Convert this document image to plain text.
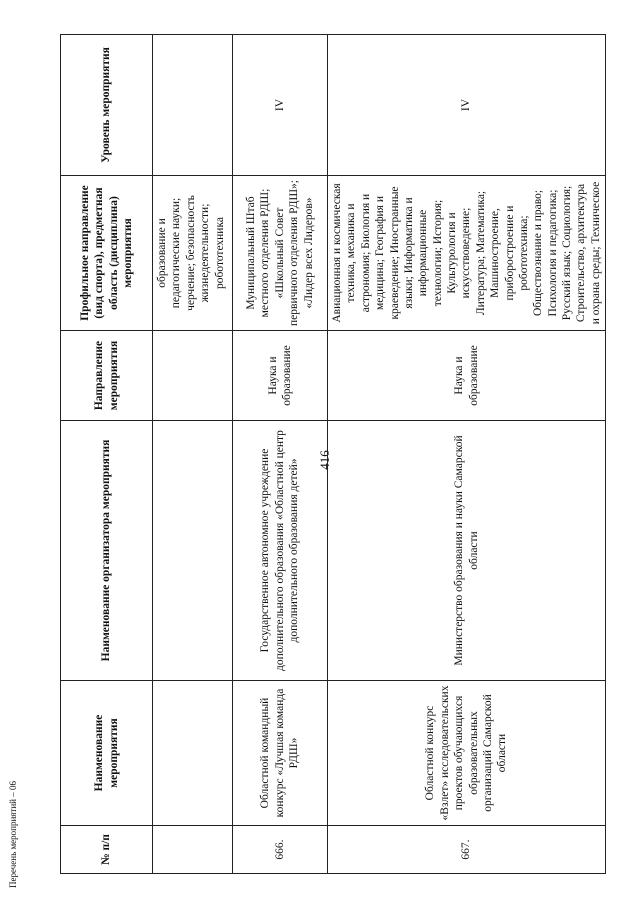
416
№ п/п	Наименование мероприятия	Наименование организатора мероприятия	Направление мероприятия	Профильное направление (вид спорта), предметная область (дисциплина) мероприятия	Уровень мероприятия
				образование и педагогические науки; черчение; безопасность жизнедеятельности; робототехника	
666.	Областной командный конкурс «Лучшая команда РДШ»	Государственное автономное учреждение дополнительного образования «Областной центр дополнительного образования детей»	Наука и образование	Муниципальный Штаб местного отделения РДШ; «Школьный Совет первичного отделения РДШ»; «Лидер всех Лидеров»	IV
667.	Областной конкурс «Взлет» исследовательских проектов обучающихся образовательных организаций Самарской области	Министерство образования и науки Самарской области	Наука и образование	Авиационная и космическая техника, механика и астрономия; Биология и медицина; География и краеведение; Иностранные языки; Информатика и информационные технологии; История; Культурология и искусствоведение; Литература; Математика; Машиностроение, приборостроение и робототехника; Обществознание и право; Психология и педагогика; Русский язык; Социология; Строительство, архитектура и охрана среды; Техническое	IV
Перечень мероприятий – 06
